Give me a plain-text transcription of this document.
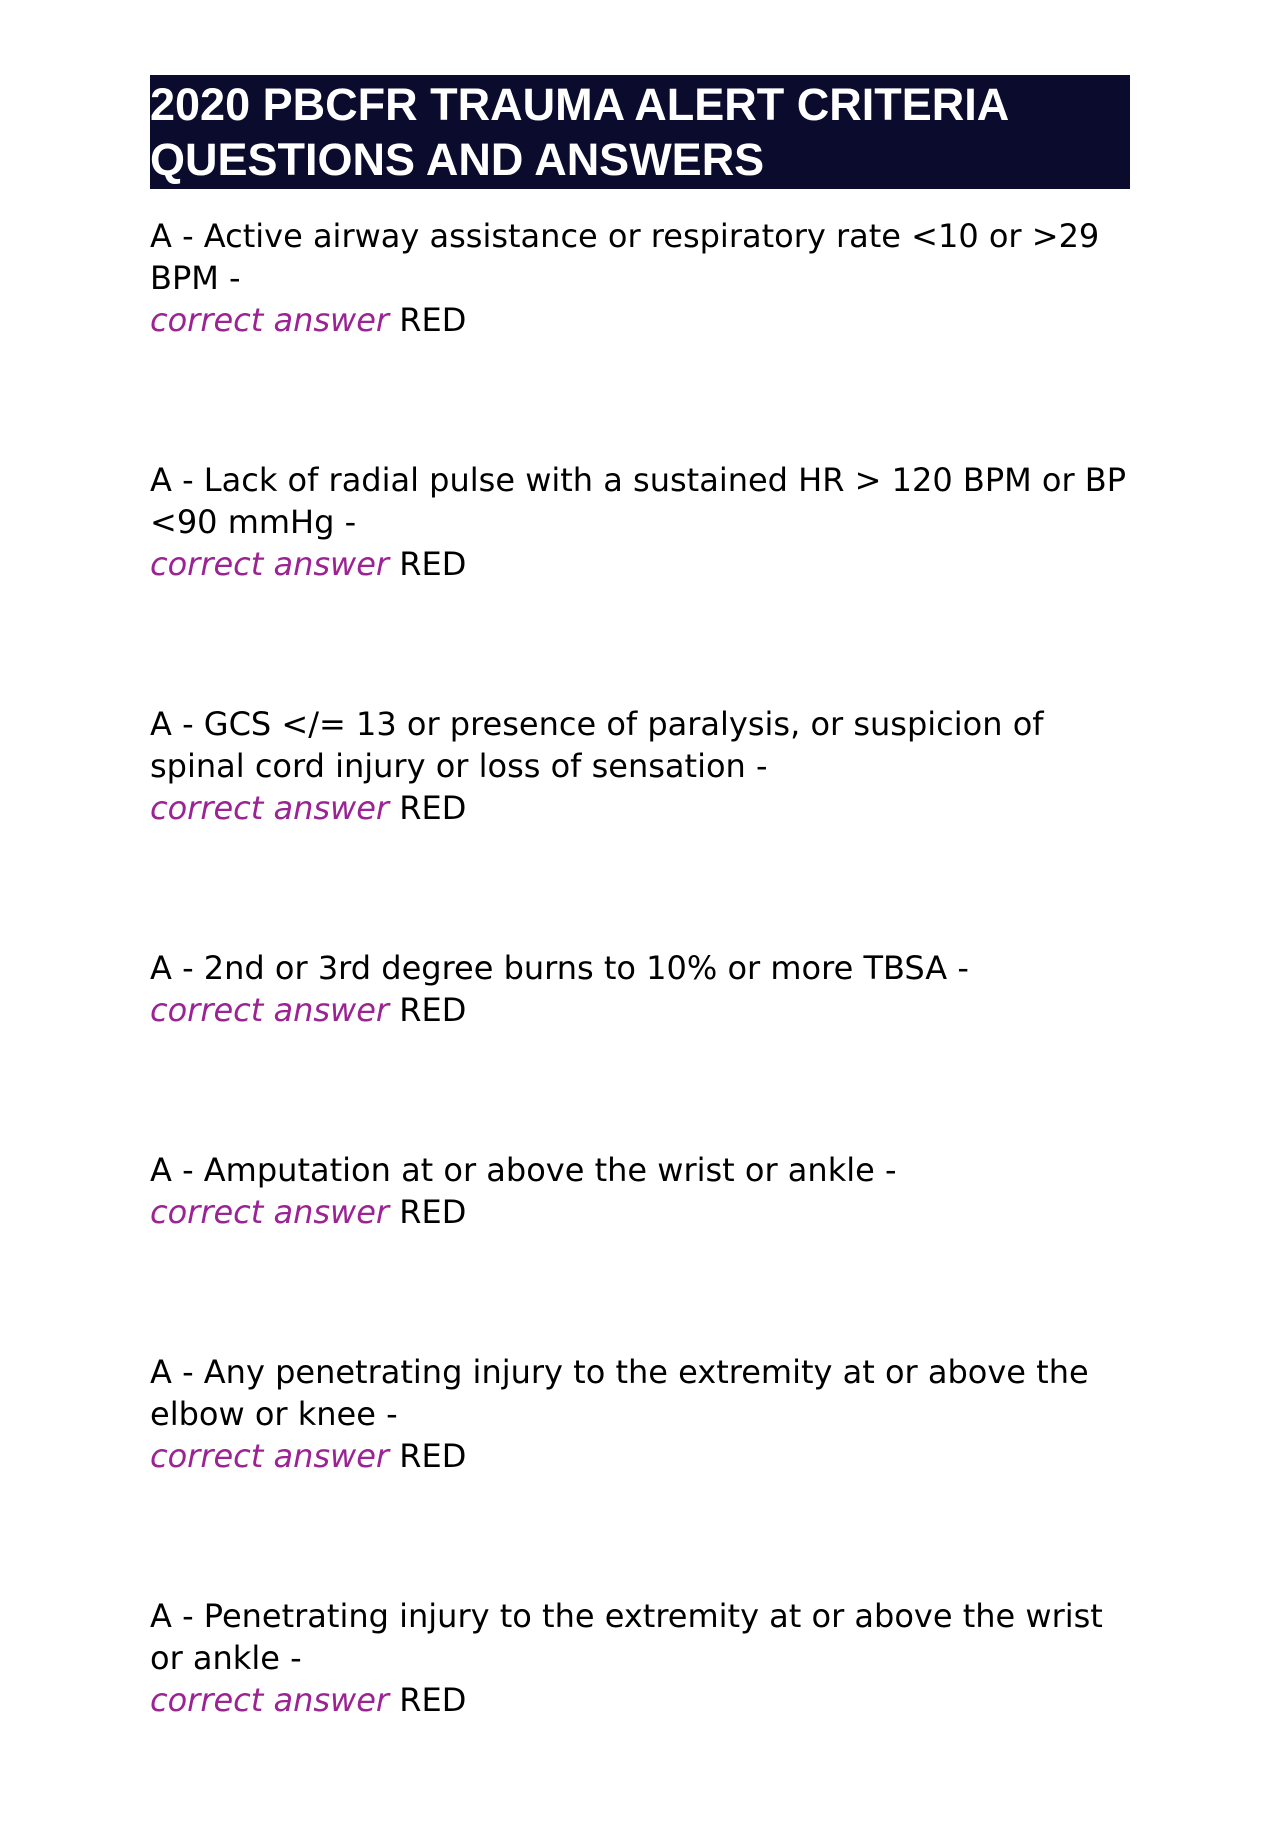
2020 PBCFR TRAUMA ALERT CRITERIA QUESTIONS AND ANSWERS
A - Active airway assistance or respiratory rate <10 or >29 BPM -
correct answer RED
A - Lack of radial pulse with a sustained HR > 120 BPM or BP <90 mmHg -
correct answer RED
A - GCS </= 13 or presence of paralysis, or suspicion of spinal cord injury or loss of sensation -
correct answer RED
A - 2nd or 3rd degree burns to 10% or more TBSA -
correct answer RED
A - Amputation at or above the wrist or ankle -
correct answer RED
A - Any penetrating injury to the extremity at or above the elbow or knee -
correct answer RED
A - Penetrating injury to the extremity at or above the wrist or ankle -
correct answer RED
